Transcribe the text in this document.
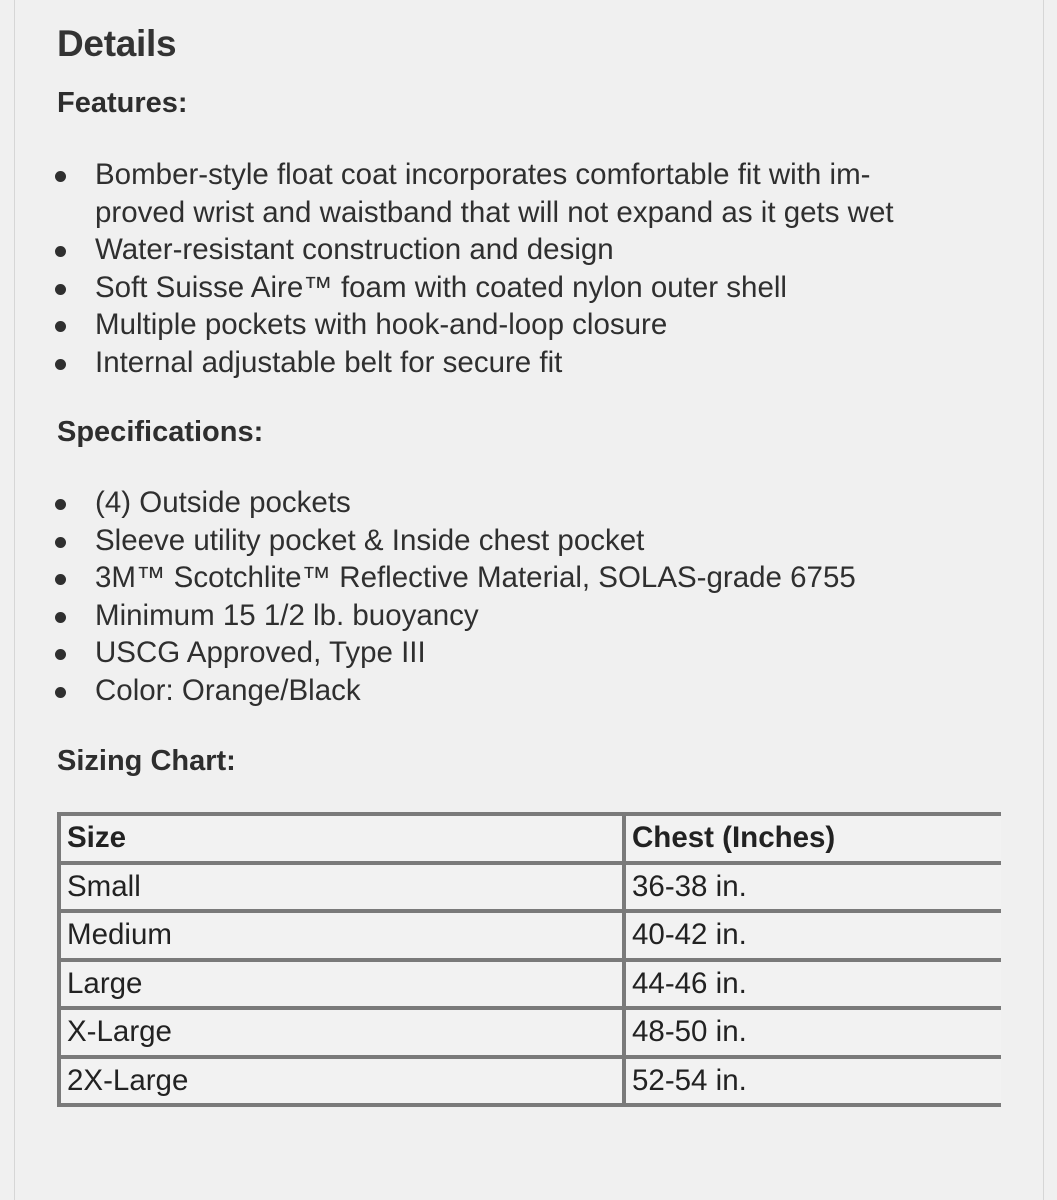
Details
Features:
Bomber-style float coat incorporates comfortable fit with im-
proved wrist and waistband that will not expand as it gets wet
Water-resistant construction and design
Soft Suisse Aire™ foam with coated nylon outer shell
Multiple pockets with hook-and-loop closure
Internal adjustable belt for secure fit
Specifications:
(4) Outside pockets
Sleeve utility pocket & Inside chest pocket
3M™ Scotchlite™ Reflective Material, SOLAS-grade 6755
Minimum 15 1/2 lb. buoyancy
USCG Approved, Type III
Color: Orange/Black
Sizing Chart:
Size	Chest (Inches)
Small	36-38 in.
Medium	40-42 in.
Large	44-46 in.
X-Large	48-50 in.
2X-Large	52-54 in.
